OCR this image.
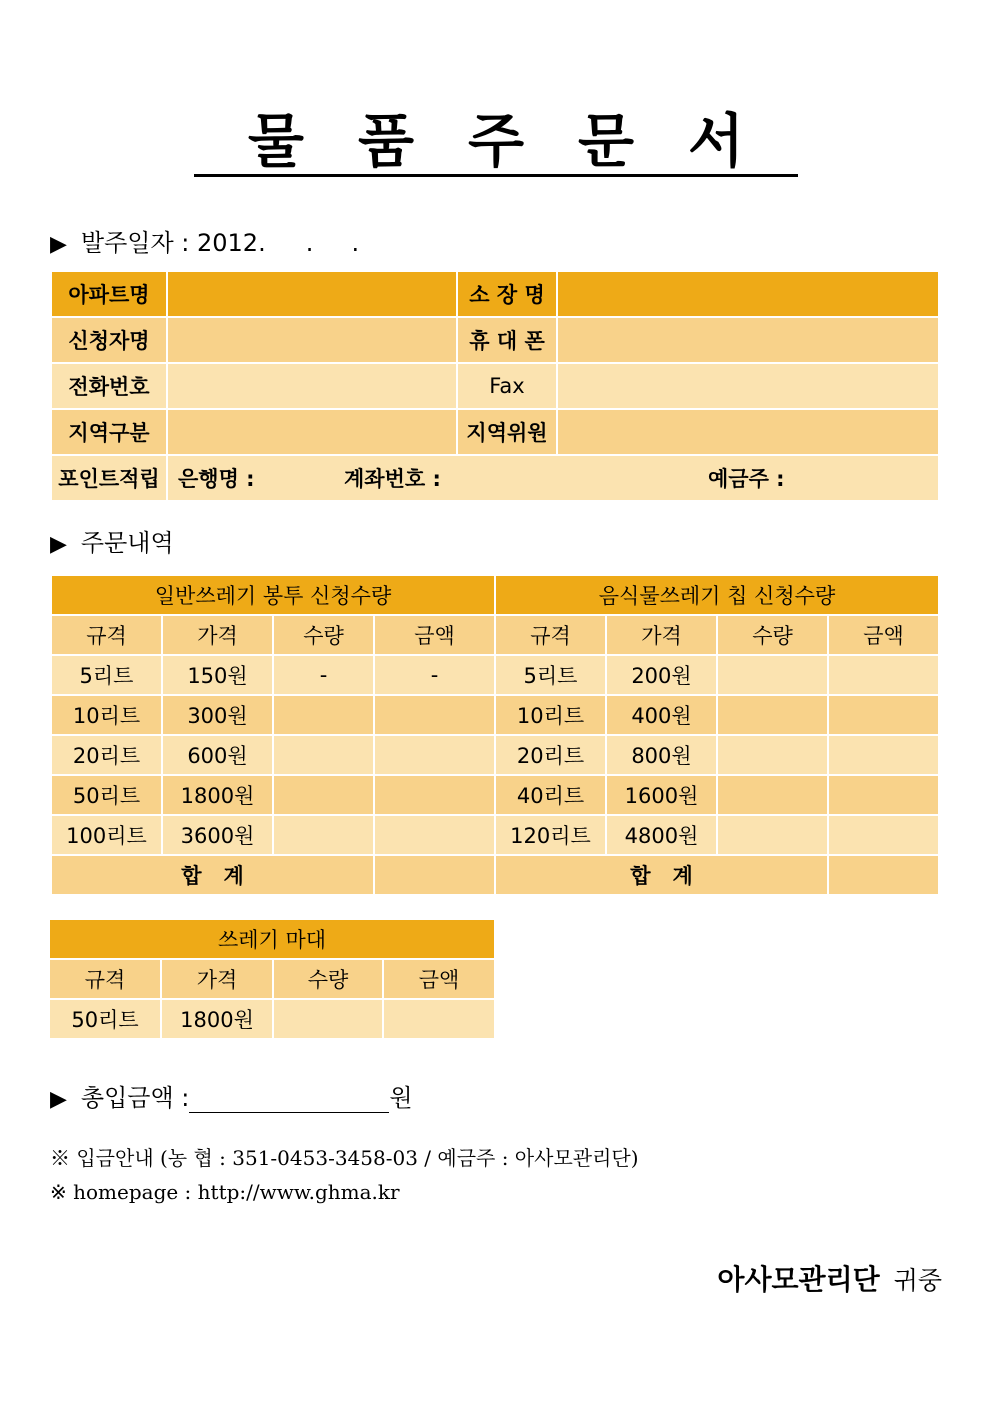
물품주문서
▶ 발주일자 : 2012. .     .
아파트명		소 장 명	
신청자명		휴 대 폰	
전화번호		Fax	
지역구분		지역위원	
포인트적립	은행명 : 계좌번호 : 예금주 :		
▶ 주문내역
일반쓰레기 봉투 신청수량				음식물쓰레기 칩 신청수량			
규격	가격	수량	금액	규격	가격	수량	금액
5리트	150원	-	-	5리트	200원		
10리트	300원			10리트	400원		
20리트	600원			20리트	800원		
50리트	1800원			40리트	1600원		
100리트	3600원			120리트	4800원		
합   계				합   계			
쓰레기 마대			
규격	가격	수량	금액
50리트	1800원		
▶ 총입금액 :	원
※ 입금안내 (농 협 : 351-0453-3458-03 / 예금주 : 아사모관리단)
※ homepage : http://www.ghma.kr
아사모관리단 귀중
